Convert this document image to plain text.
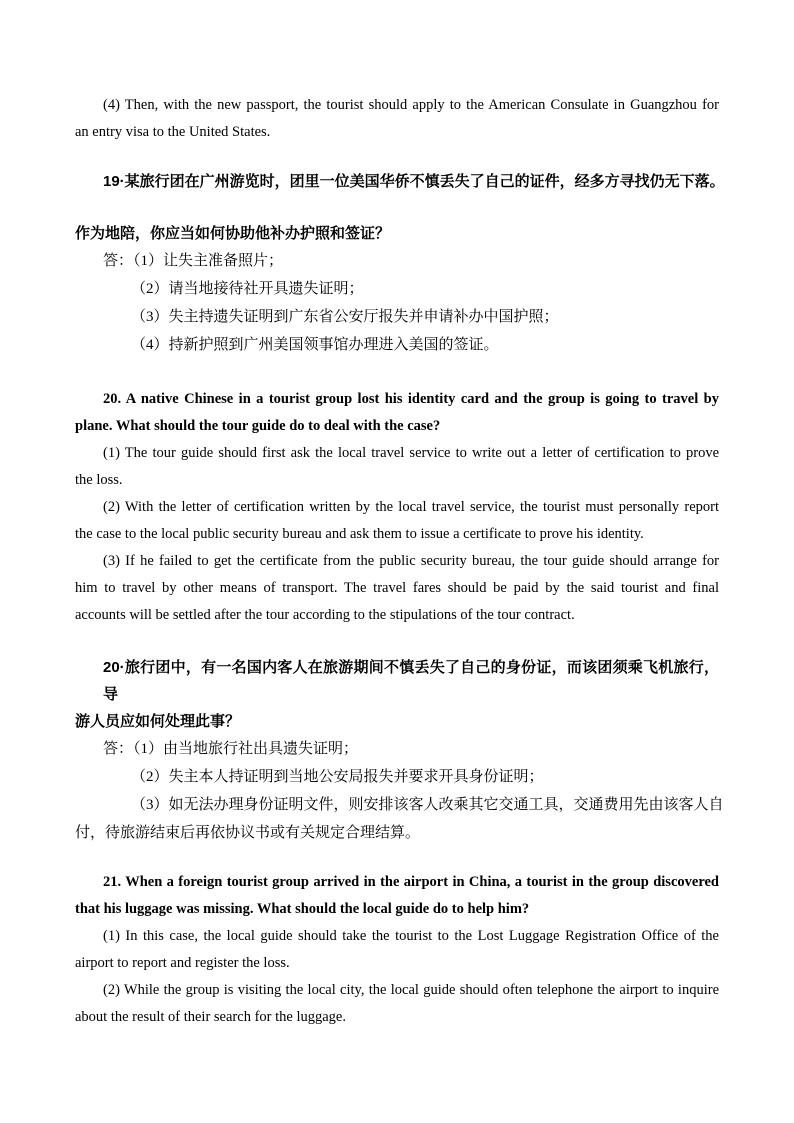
(4) Then, with the new passport, the tourist should apply to the American Consulate in Guangzhou for
an entry visa to the United States.
19·某旅行团在广州游览时，团里一位美国华侨不慎丢失了自己的证件，经多方寻找仍无下落。
作为地陪，你应当如何协助他补办护照和签证？
答：（1）让失主准备照片；
（2）请当地接待社开具遗失证明；
（3）失主持遗失证明到广东省公安厅报失并申请补办中国护照；
（4）持新护照到广州美国领事馆办理进入美国的签证。
20. A native Chinese in a tourist group lost his identity card and the group is going to travel by
plane. What should the tour guide do to deal with the case?
(1) The tour guide should first ask the local travel service to write out a letter of certification to prove
the loss.
(2) With the letter of certification written by the local travel service, the tourist must personally report
the case to the local public security bureau and ask them to issue a certificate to prove his identity.
(3) If he failed to get the certificate from the public security bureau, the tour guide should arrange for
him to travel by other means of transport. The travel fares should be paid by the said tourist and final
accounts will be settled after the tour according to the stipulations of the tour contract.
20·旅行团中，有一名国内客人在旅游期间不慎丢失了自己的身份证，而该团须乘飞机旅行，
导
游人员应如何处理此事？
答：（1）由当地旅行社出具遗失证明；
（2）失主本人持证明到当地公安局报失并要求开具身份证明；
（3）如无法办理身份证明文件，则安排该客人改乘其它交通工具，交通费用先由该客人自
付，待旅游结束后再依协议书或有关规定合理结算。
21. When a foreign tourist group arrived in the airport in China, a tourist in the group discovered
that his luggage was missing. What should the local guide do to help him?
(1) In this case, the local guide should take the tourist to the Lost Luggage Registration Office of the
airport to report and register the loss.
(2) While the group is visiting the local city, the local guide should often telephone the airport to inquire
about the result of their search for the luggage.
